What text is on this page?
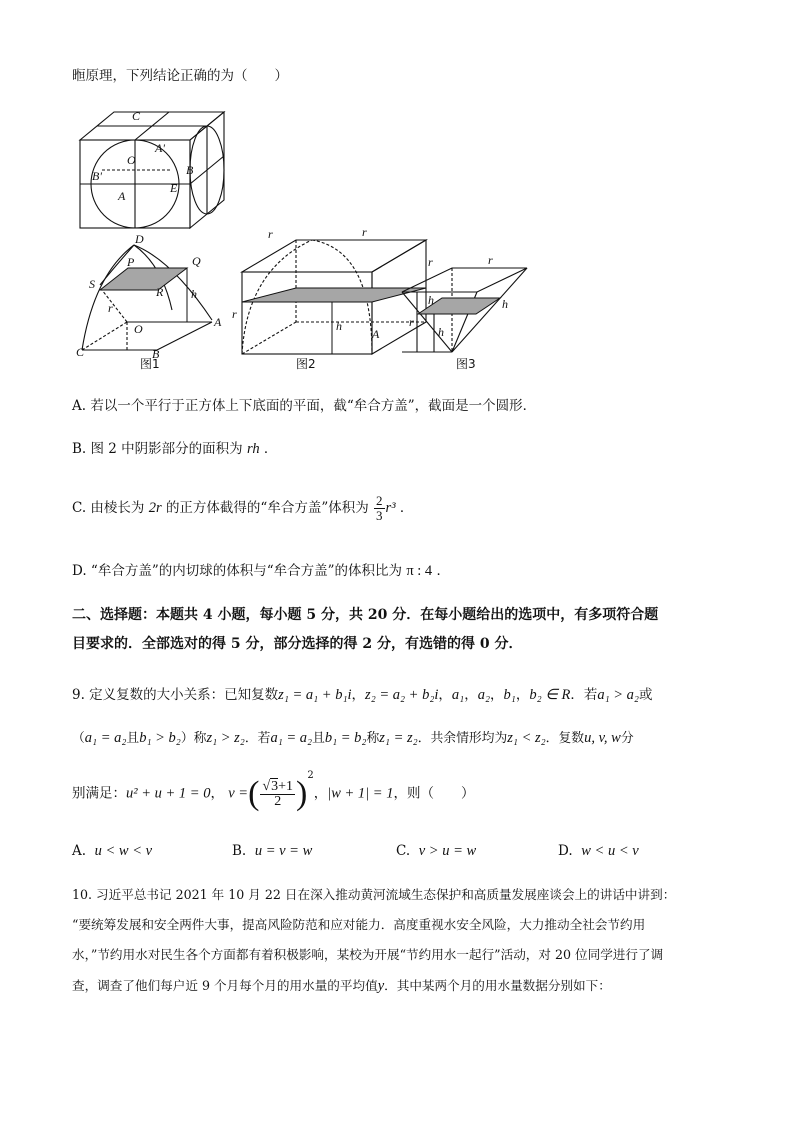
暅原理，下列结论正确的为（　　）
C
A'
O
B'	B
E
A
D
P	Q
S
R h
r
O	A
C	B
图1
r	r
r
h
A
图2
r	r
h	h
r
h
图3
A. 若以一个平行于正方体上下底面的平面，截“牟合方盖”，截面是一个圆形．
B. 图 2 中阴影部分的面积为 rh ．
C. 由棱长为 2r 的正方体截得的“牟合方盖”体积为 $\frac{2}{3} r^3$ ．
D. “牟合方盖”的内切球的体积与“牟合方盖”的体积比为 π : 4 ．
二、选择题：本题共 4 小题，每小题 5 分，共 20 分．在每小题给出的选项中，有多项符合题
目要求的．全部选对的得 5 分，部分选择的得 2 分，有选错的得 0 分．
9. 定义复数的大小关系：已知复数z₁ = a₁ + b₁i，z₂ = a₂ + b₂i，a₁，a₂，b₁，b₂ ∈ R．若a₁ > a₂或
（a₁ = a₂且b₁ > b₂）称z₁ > z₂．若a₁ = a₂且b₁ = b₂称z₁ = z₂．共余情形均为z₁ < z₂．复数u, v, w分
别满足：u² + u + 1 = 0， v =( $\frac{√3+1}{2} )^2$，|w + 1| = 1，则（　　）
A. u < w < v	B. u = v = w	C. v > u = w	D. w < u < v
10. 习近平总书记 2021 年 10 月 22 日在深入推动黄河流域生态保护和高质量发展座谈会上的讲话中讲到：
“要统筹发展和安全两件大事，提高风险防范和应对能力．高度重视水安全风险，大力推动全社会节约用
水，”节约用水对民生各个方面都有着积极影响，某校为开展“节约用水一起行”活动，对 20 位同学进行了调
查，调查了他们每户近 9 个月每个月的用水量的平均值y．其中某两个月的用水量数据分别如下：
